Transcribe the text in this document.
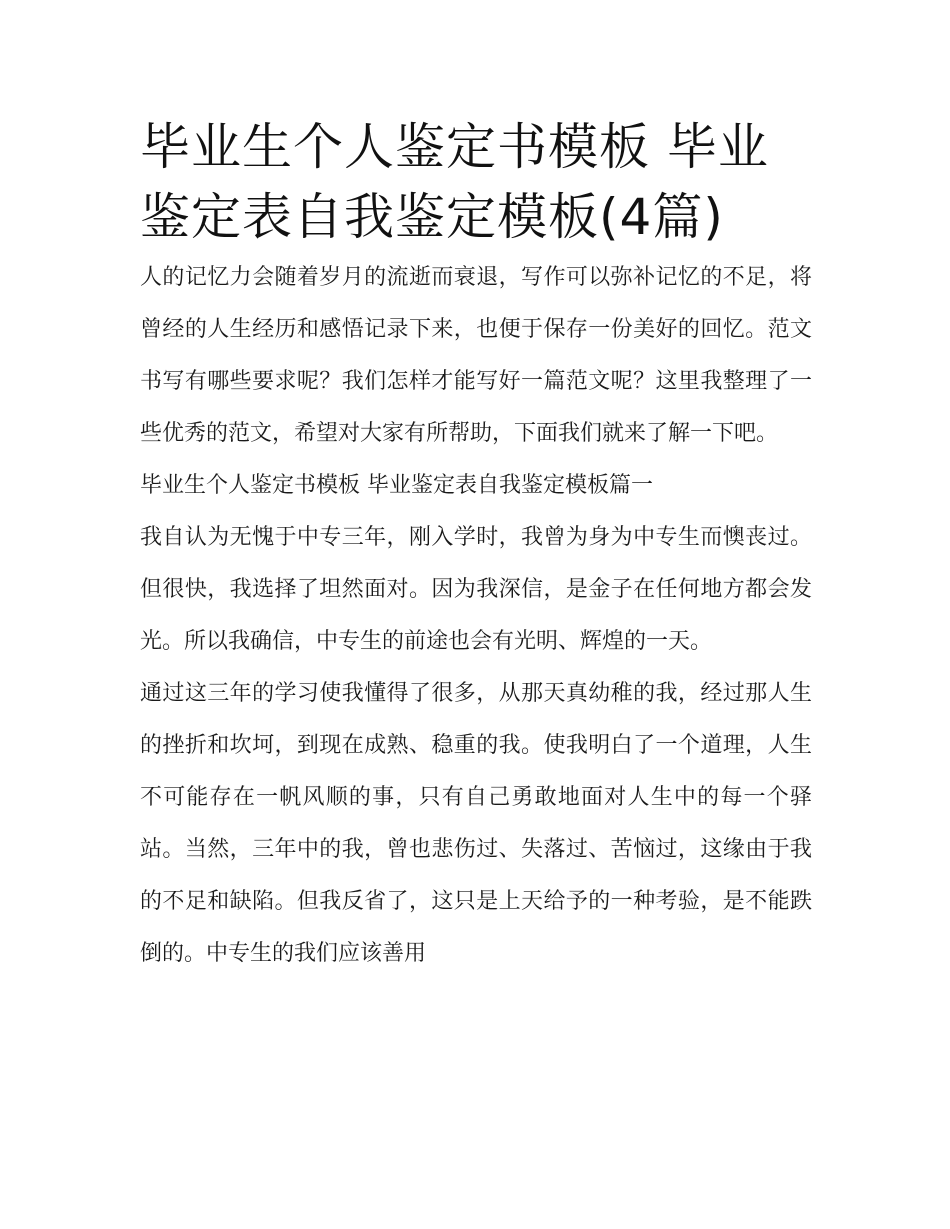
毕业生个人鉴定书模板 毕业鉴定表自我鉴定模板(4篇)

人的记忆力会随着岁月的流逝而衰退，写作可以弥补记忆的不足，将曾经的人生经历和感悟记录下来，也便于保存一份美好的回忆。范文书写有哪些要求呢？我们怎样才能写好一篇范文呢？这里我整理了一些优秀的范文，希望对大家有所帮助，下面我们就来了解一下吧。

毕业生个人鉴定书模板 毕业鉴定表自我鉴定模板篇一

我自认为无愧于中专三年，刚入学时，我曾为身为中专生而懊丧过。但很快，我选择了坦然面对。因为我深信，是金子在任何地方都会发光。所以我确信，中专生的前途也会有光明、辉煌的一天。

通过这三年的学习使我懂得了很多，从那天真幼稚的我，经过那人生的挫折和坎坷，到现在成熟、稳重的我。使我明白了一个道理，人生不可能存在一帆风顺的事，只有自己勇敢地面对人生中的每一个驿站。当然，三年中的我，曾也悲伤过、失落过、苦恼过，这缘由于我的不足和缺陷。但我反省了，这只是上天给予的一种考验，是不能跌倒的。中专生的我们应该善用
